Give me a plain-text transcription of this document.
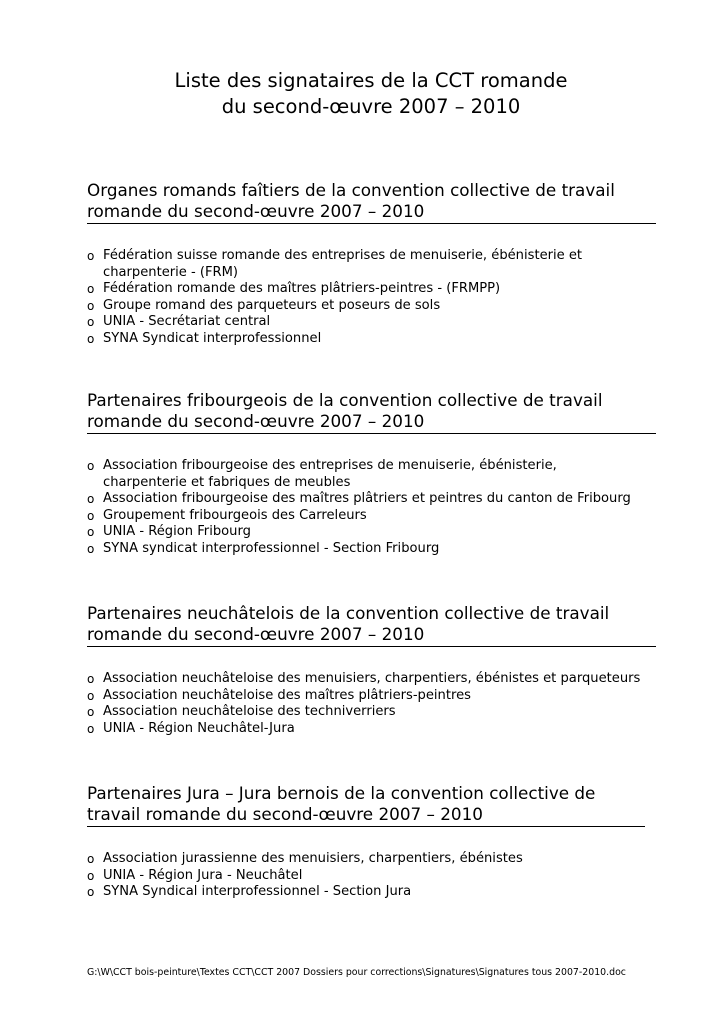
Liste des signataires de la CCT romande
du second-œuvre 2007 – 2010
Organes romands faîtiers de la convention collective de travail
romande du second-œuvre 2007 – 2010
o Fédération suisse romande des entreprises de menuiserie, ébénisterie et
charpenterie - (FRM)
o Fédération romande des maîtres plâtriers-peintres - (FRMPP)
o Groupe romand des parqueteurs et poseurs de sols
o UNIA - Secrétariat central
o SYNA Syndicat interprofessionnel
Partenaires fribourgeois de la convention collective de travail
romande du second-œuvre 2007 – 2010
o Association fribourgeoise des entreprises de menuiserie, ébénisterie,
charpenterie et fabriques de meubles
o Association fribourgeoise des maîtres plâtriers et peintres du canton de Fribourg
o Groupement fribourgeois des Carreleurs
o UNIA - Région Fribourg
o SYNA syndicat interprofessionnel - Section Fribourg
Partenaires neuchâtelois de la convention collective de travail
romande du second-œuvre 2007 – 2010
o Association neuchâteloise des menuisiers, charpentiers, ébénistes et parqueteurs
o Association neuchâteloise des maîtres plâtriers-peintres
o Association neuchâteloise des techniverriers
o UNIA - Région Neuchâtel-Jura
Partenaires Jura – Jura bernois de la convention collective de
travail romande du second-œuvre 2007 – 2010
o Association jurassienne des menuisiers, charpentiers, ébénistes
o UNIA - Région Jura - Neuchâtel
o SYNA Syndical interprofessionnel - Section Jura
G:\W\CCT bois-peinture\Textes CCT\CCT 2007 Dossiers pour corrections\Signatures\Signatures tous 2007-2010.doc
